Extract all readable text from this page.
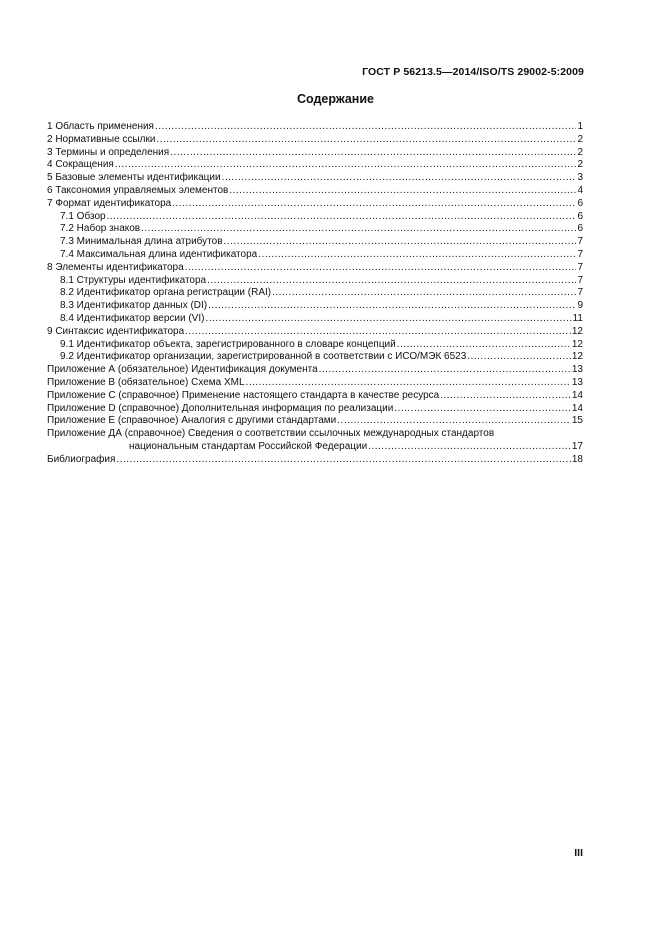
ГОСТ Р 56213.5—2014/ISO/TS 29002-5:2009
Содержание
1 Область применения .....	1
2 Нормативные ссылки .....	2
3 Термины и определения .....	2
4 Сокращения .....	2
5 Базовые элементы идентификации .....	3
6 Таксономия управляемых элементов .....	4
7 Формат идентификатора .....	6
7.1 Обзор .....	6
7.2 Набор знаков .....	6
7.3 Минимальная длина атрибутов .....	7
7.4 Максимальная длина идентификатора .....	7
8 Элементы идентификатора .....	7
8.1 Структуры идентификатора .....	7
8.2 Идентификатор органа регистрации (RAI) .....	7
8.3 Идентификатор данных (DI) .....	9
8.4 Идентификатор версии (VI) .....	11
9 Синтаксис идентификатора .....	12
9.1 Идентификатор объекта, зарегистрированного в словаре концепций .....	12
9.2 Идентификатор организации, зарегистрированной в соответствии с ИСО/МЭК 6523 .....	12
Приложение А (обязательное) Идентификация документа .....	13
Приложение В (обязательное) Схема XML .....	13
Приложение С (справочное) Применение настоящего стандарта в качестве ресурса .....	14
Приложение D (справочное) Дополнительная информация по реализации .....	14
Приложение Е (справочное) Аналогия с другими стандартами .....	15
Приложение ДА (справочное) Сведения о соответствии ссылочных международных стандартов
национальным стандартам Российской Федерации .....	17
Библиография .....	18
III
